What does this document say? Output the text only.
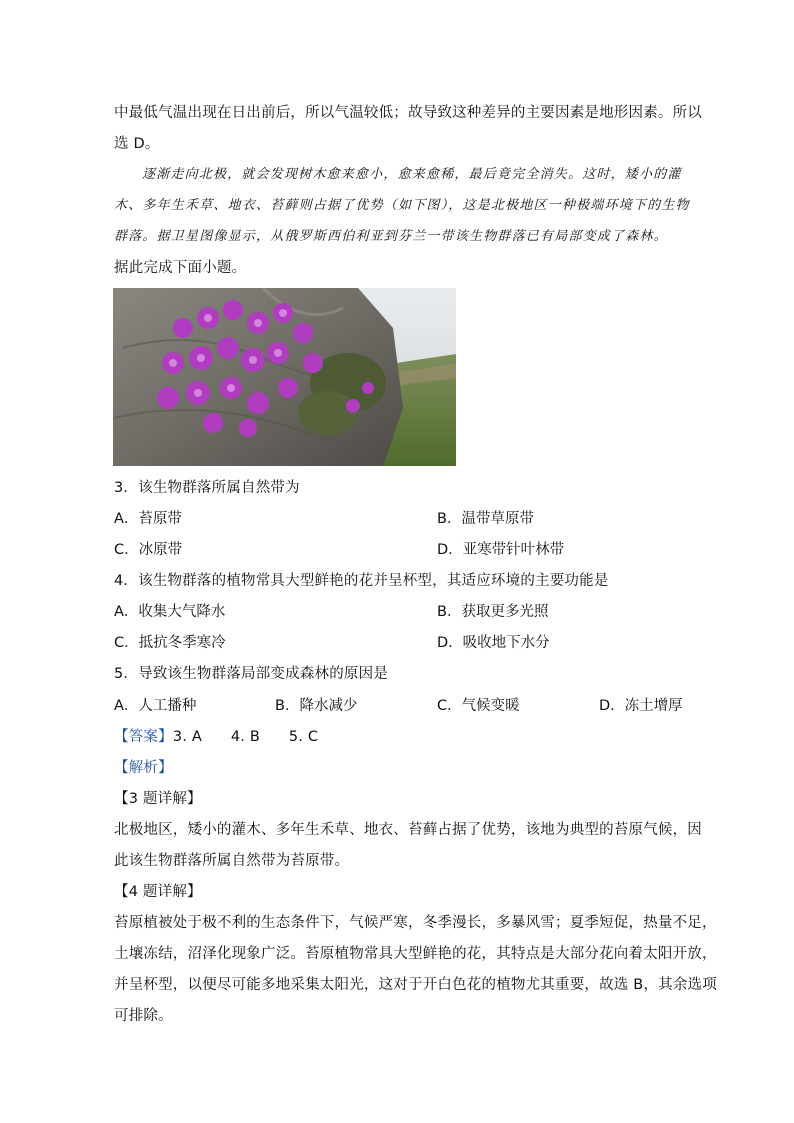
中最低气温出现在日出前后，所以气温较低；故导致这种差异的主要因素是地形因素。所以
选 D。
逐渐走向北极，就会发现树木愈来愈小，愈来愈稀，最后竟完全消失。这时，矮小的灌
木、多年生禾草、地衣、苔藓则占据了优势（如下图），这是北极地区一种极端环境下的生物
群落。据卫星图像显示，从俄罗斯西伯利亚到芬兰一带该生物群落已有局部变成了森林。
据此完成下面小题。
3．该生物群落所属自然带为
A．苔原带	B．温带草原带
C．冰原带	D．亚寒带针叶林带
4．该生物群落的植物常具大型鲜艳的花并呈杯型，其适应环境的主要功能是
A．收集大气降水	B．获取更多光照
C．抵抗冬季寒冷	D．吸收地下水分
5．导致该生物群落局部变成森林的原因是
A．人工播种	B．降水减少	C．气候变暖	D．冻土增厚
【答案】3. A      4. B      5. C
【解析】
【3 题详解】
北极地区，矮小的灌木、多年生禾草、地衣、苔藓占据了优势，该地为典型的苔原气候，因
此该生物群落所属自然带为苔原带。
【4 题详解】
苔原植被处于极不利的生态条件下，气候严寒，冬季漫长，多暴风雪；夏季短促，热量不足，
土壤冻结，沼泽化现象广泛。苔原植物常具大型鲜艳的花，其特点是大部分花向着太阳开放，
并呈杯型，以便尽可能多地采集太阳光，这对于开白色花的植物尤其重要，故选 B，其余选项
可排除。
